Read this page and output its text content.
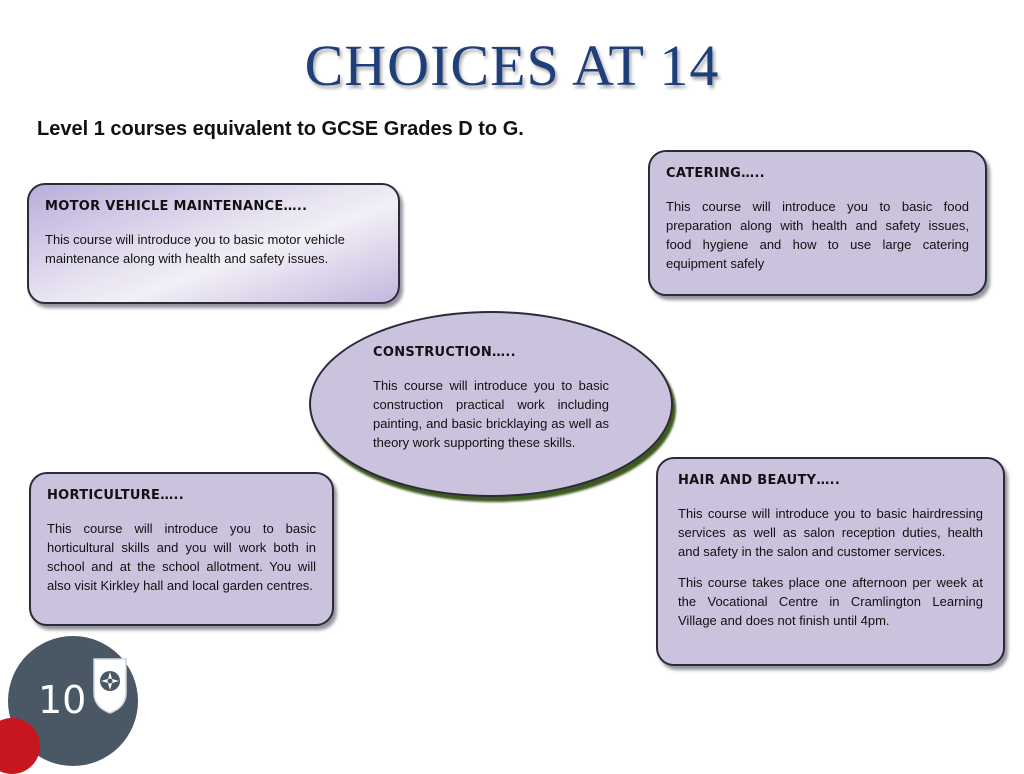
CHOICES AT 14
Level 1 courses equivalent to GCSE Grades D to G.
MOTOR VEHICLE MAINTENANCE…..

This course will introduce you to basic motor vehicle maintenance along with health and safety issues.

CATERING…..

This course will introduce you to basic food preparation along with health and safety issues, food hygiene and how to use large catering equipment safely

CONSTRUCTION…..

This course will introduce you to basic construction practical work including painting, and basic bricklaying as well as theory work supporting these skills.

HORTICULTURE…..

This course will introduce you to basic horticultural skills and you will work both in school and at the school allotment. You will also visit Kirkley hall and local garden centres.

HAIR AND BEAUTY…..

This course will introduce you to basic hairdressing services as well as salon reception duties, health and safety in the salon and customer services.

This course takes place one afternoon per week at the Vocational Centre in Cramlington Learning Village and does not finish until 4pm.

10
